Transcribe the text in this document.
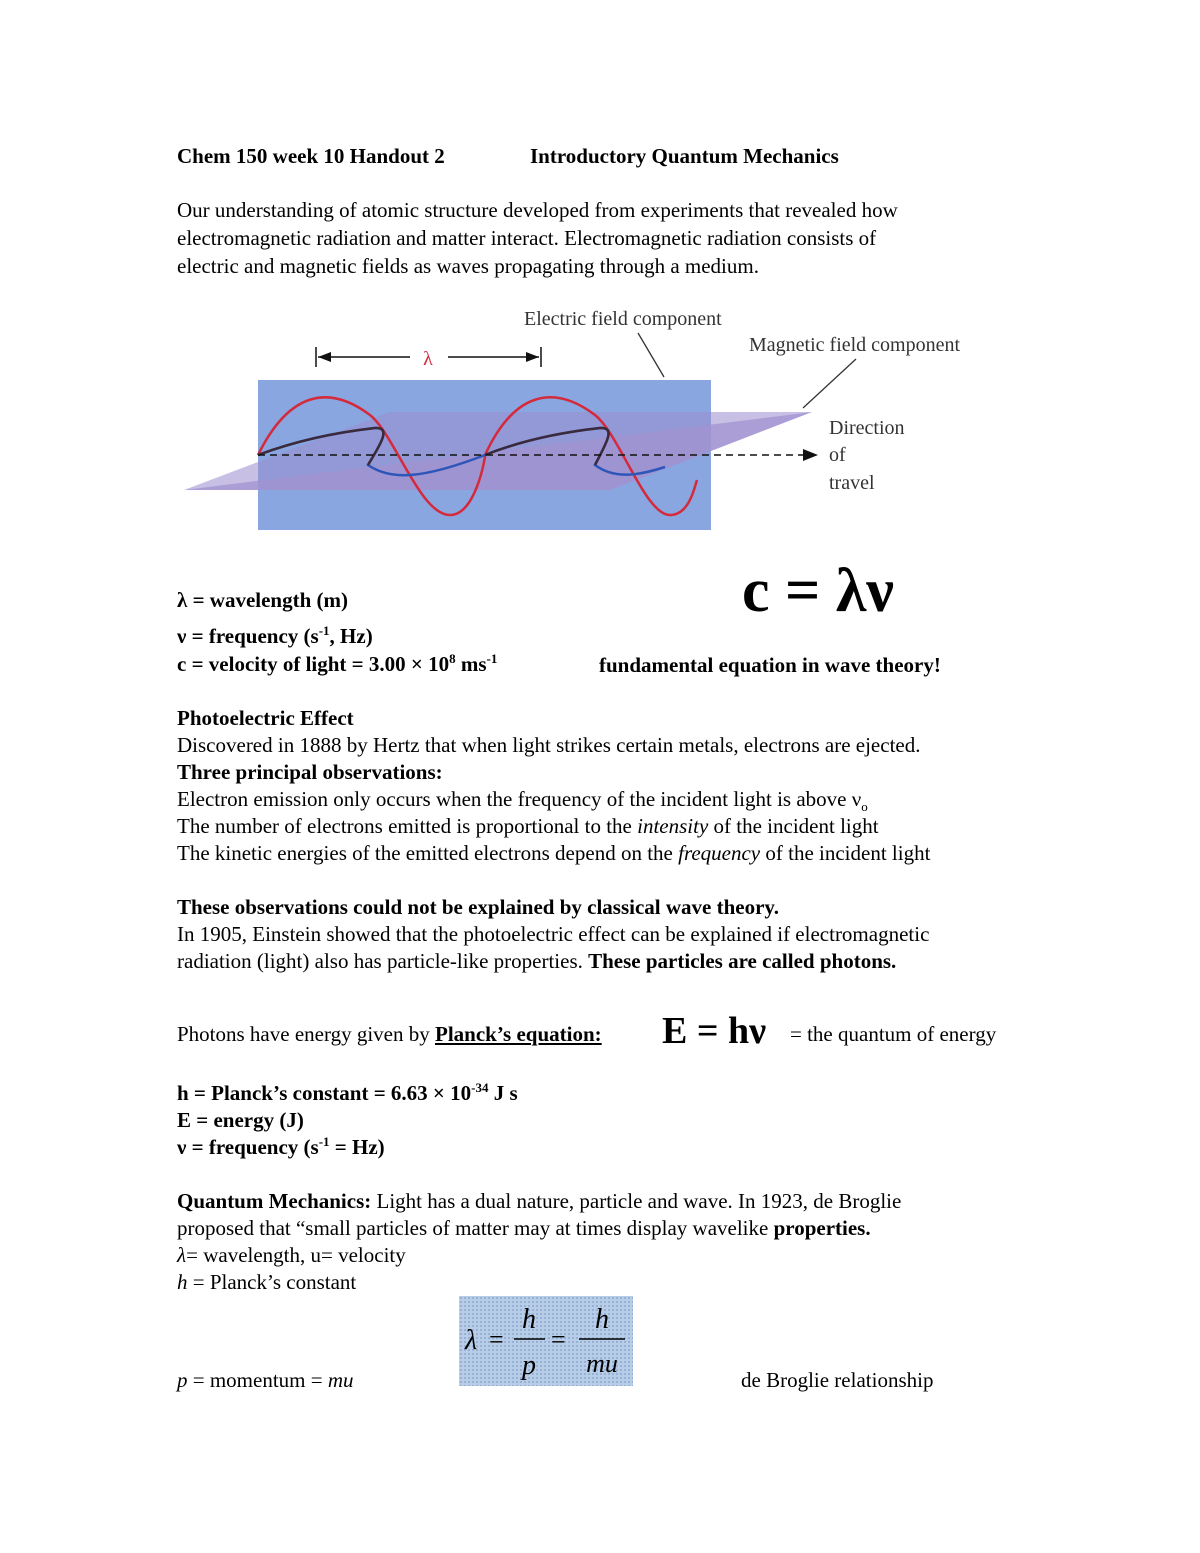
Chem 150 week 10 Handout 2	Introductory Quantum Mechanics
Our understanding of atomic structure developed from experiments that revealed how
electromagnetic radiation and matter interact. Electromagnetic radiation consists of
electric and magnetic fields as waves propagating through a medium.
λ
Electric field component
Magnetic field component
Direction
of
travel
c = λν
λ = wavelength (m)
ν = frequency ($s^{-1}$, Hz)
c = velocity of light = $3.00 \times 10^8$ $ms^{-1}$	fundamental equation in wave theory!
Photoelectric Effect
Discovered in 1888 by Hertz that when light strikes certain metals, electrons are ejected.
Three principal observations:
Electron emission only occurs when the frequency of the incident light is above $\nu_o$
The number of electrons emitted is proportional to the intensity of the incident light
The kinetic energies of the emitted electrons depend on the frequency of the incident light
These observations could not be explained by classical wave theory.
In 1905, Einstein showed that the photoelectric effect can be explained if electromagnetic
radiation (light) also has particle-like properties. These particles are called photons.
Photons have energy given by Planck’s equation: E = hν = the quantum of energy
h = Planck’s constant = $6.63 \times 10^{-34}$ J s
E = energy (J)
ν = frequency $(s^{-1} = Hz)$
Quantum Mechanics: Light has a dual nature, particle and wave. In 1923, de Broglie
proposed that “small particles of matter may at times display wavelike properties.
λ= wavelength, u= velocity
h = Planck’s constant
p = momentum = mu
λ =
h
p
=
h
mu
de Broglie relationship
